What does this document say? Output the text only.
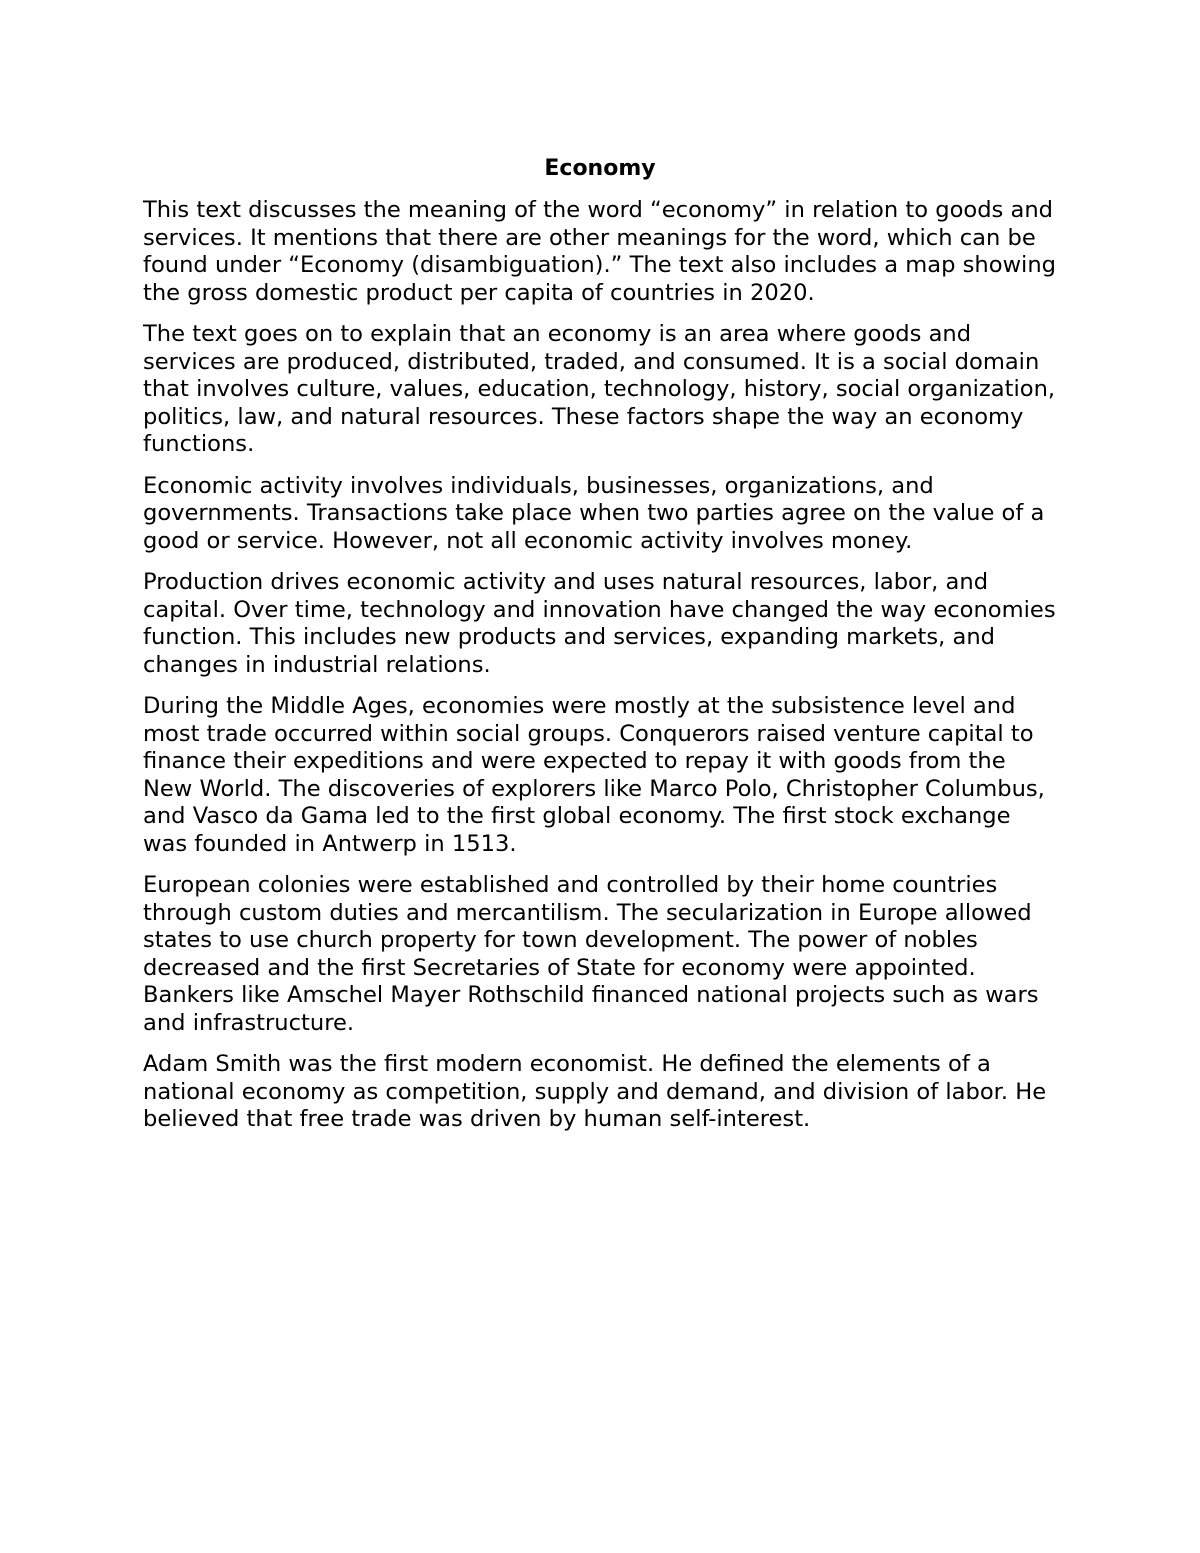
Economy

This text discusses the meaning of the word “economy” in relation to goods and services. It mentions that there are other meanings for the word, which can be found under “Economy (disambiguation).” The text also includes a map showing the gross domestic product per capita of countries in 2020.

The text goes on to explain that an economy is an area where goods and services are produced, distributed, traded, and consumed. It is a social domain that involves culture, values, education, technology, history, social organization, politics, law, and natural resources. These factors shape the way an economy functions.

Economic activity involves individuals, businesses, organizations, and governments. Transactions take place when two parties agree on the value of a good or service. However, not all economic activity involves money.

Production drives economic activity and uses natural resources, labor, and capital. Over time, technology and innovation have changed the way economies function. This includes new products and services, expanding markets, and changes in industrial relations.

During the Middle Ages, economies were mostly at the subsistence level and most trade occurred within social groups. Conquerors raised venture capital to finance their expeditions and were expected to repay it with goods from the New World. The discoveries of explorers like Marco Polo, Christopher Columbus, and Vasco da Gama led to the first global economy. The first stock exchange was founded in Antwerp in 1513.

European colonies were established and controlled by their home countries through custom duties and mercantilism. The secularization in Europe allowed states to use church property for town development. The power of nobles decreased and the first Secretaries of State for economy were appointed. Bankers like Amschel Mayer Rothschild financed national projects such as wars and infrastructure.

Adam Smith was the first modern economist. He defined the elements of a national economy as competition, supply and demand, and division of labor. He believed that free trade was driven by human self-interest.
